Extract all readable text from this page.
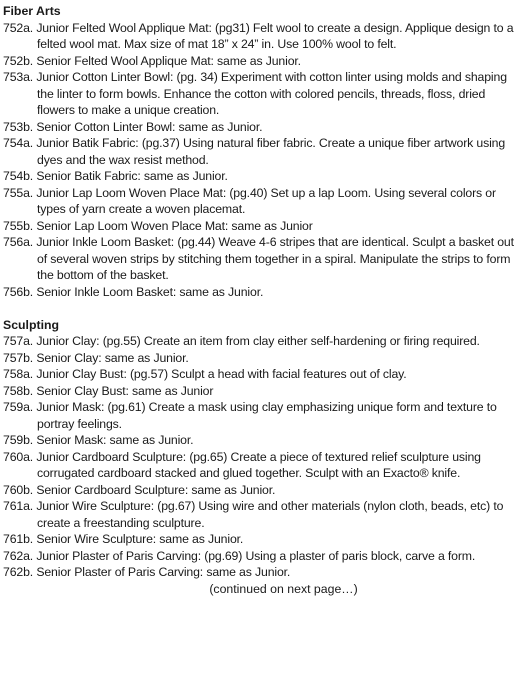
Fiber Arts

752a. Junior Felted Wool Applique Mat: (pg31) Felt wool to create a design. Applique design to a felted wool mat. Max size of mat 18” x 24” in. Use 100% wool to felt.

752b. Senior Felted Wool Applique Mat: same as Junior.

753a. Junior Cotton Linter Bowl: (pg. 34) Experiment with cotton linter using molds and shaping the linter to form bowls. Enhance the cotton with colored pencils, threads, floss, dried flowers to make a unique creation.

753b. Senior Cotton Linter Bowl: same as Junior.

754a. Junior Batik Fabric: (pg.37) Using natural fiber fabric. Create a unique fiber artwork using dyes and the wax resist method.

754b. Senior Batik Fabric: same as Junior.

755a. Junior Lap Loom Woven Place Mat: (pg.40) Set up a lap Loom. Using several colors or types of yarn create a woven placemat.

755b. Senior Lap Loom Woven Place Mat: same as Junior

756a. Junior Inkle Loom Basket: (pg.44) Weave 4-6 stripes that are identical. Sculpt a basket out of several woven strips by stitching them together in a spiral. Manipulate the strips to form the bottom of the basket.

756b. Senior Inkle Loom Basket: same as Junior.

Sculpting

757a. Junior Clay: (pg.55) Create an item from clay either self-hardening or firing required.

757b. Senior Clay: same as Junior.

758a. Junior Clay Bust: (pg.57) Sculpt a head with facial features out of clay.

758b. Senior Clay Bust: same as Junior

759a. Junior Mask: (pg.61) Create a mask using clay emphasizing unique form and texture to portray feelings.

759b. Senior Mask: same as Junior.

760a. Junior Cardboard Sculpture: (pg.65) Create a piece of textured relief sculpture using corrugated cardboard stacked and glued together. Sculpt with an Exacto® knife.

760b. Senior Cardboard Sculpture: same as Junior.

761a. Junior Wire Sculpture: (pg.67) Using wire and other materials (nylon cloth, beads, etc) to create a freestanding sculpture.

761b. Senior Wire Sculpture: same as Junior.

762a. Junior Plaster of Paris Carving: (pg.69) Using a plaster of paris block, carve a form.

762b. Senior Plaster of Paris Carving: same as Junior.

(continued on next page…)
